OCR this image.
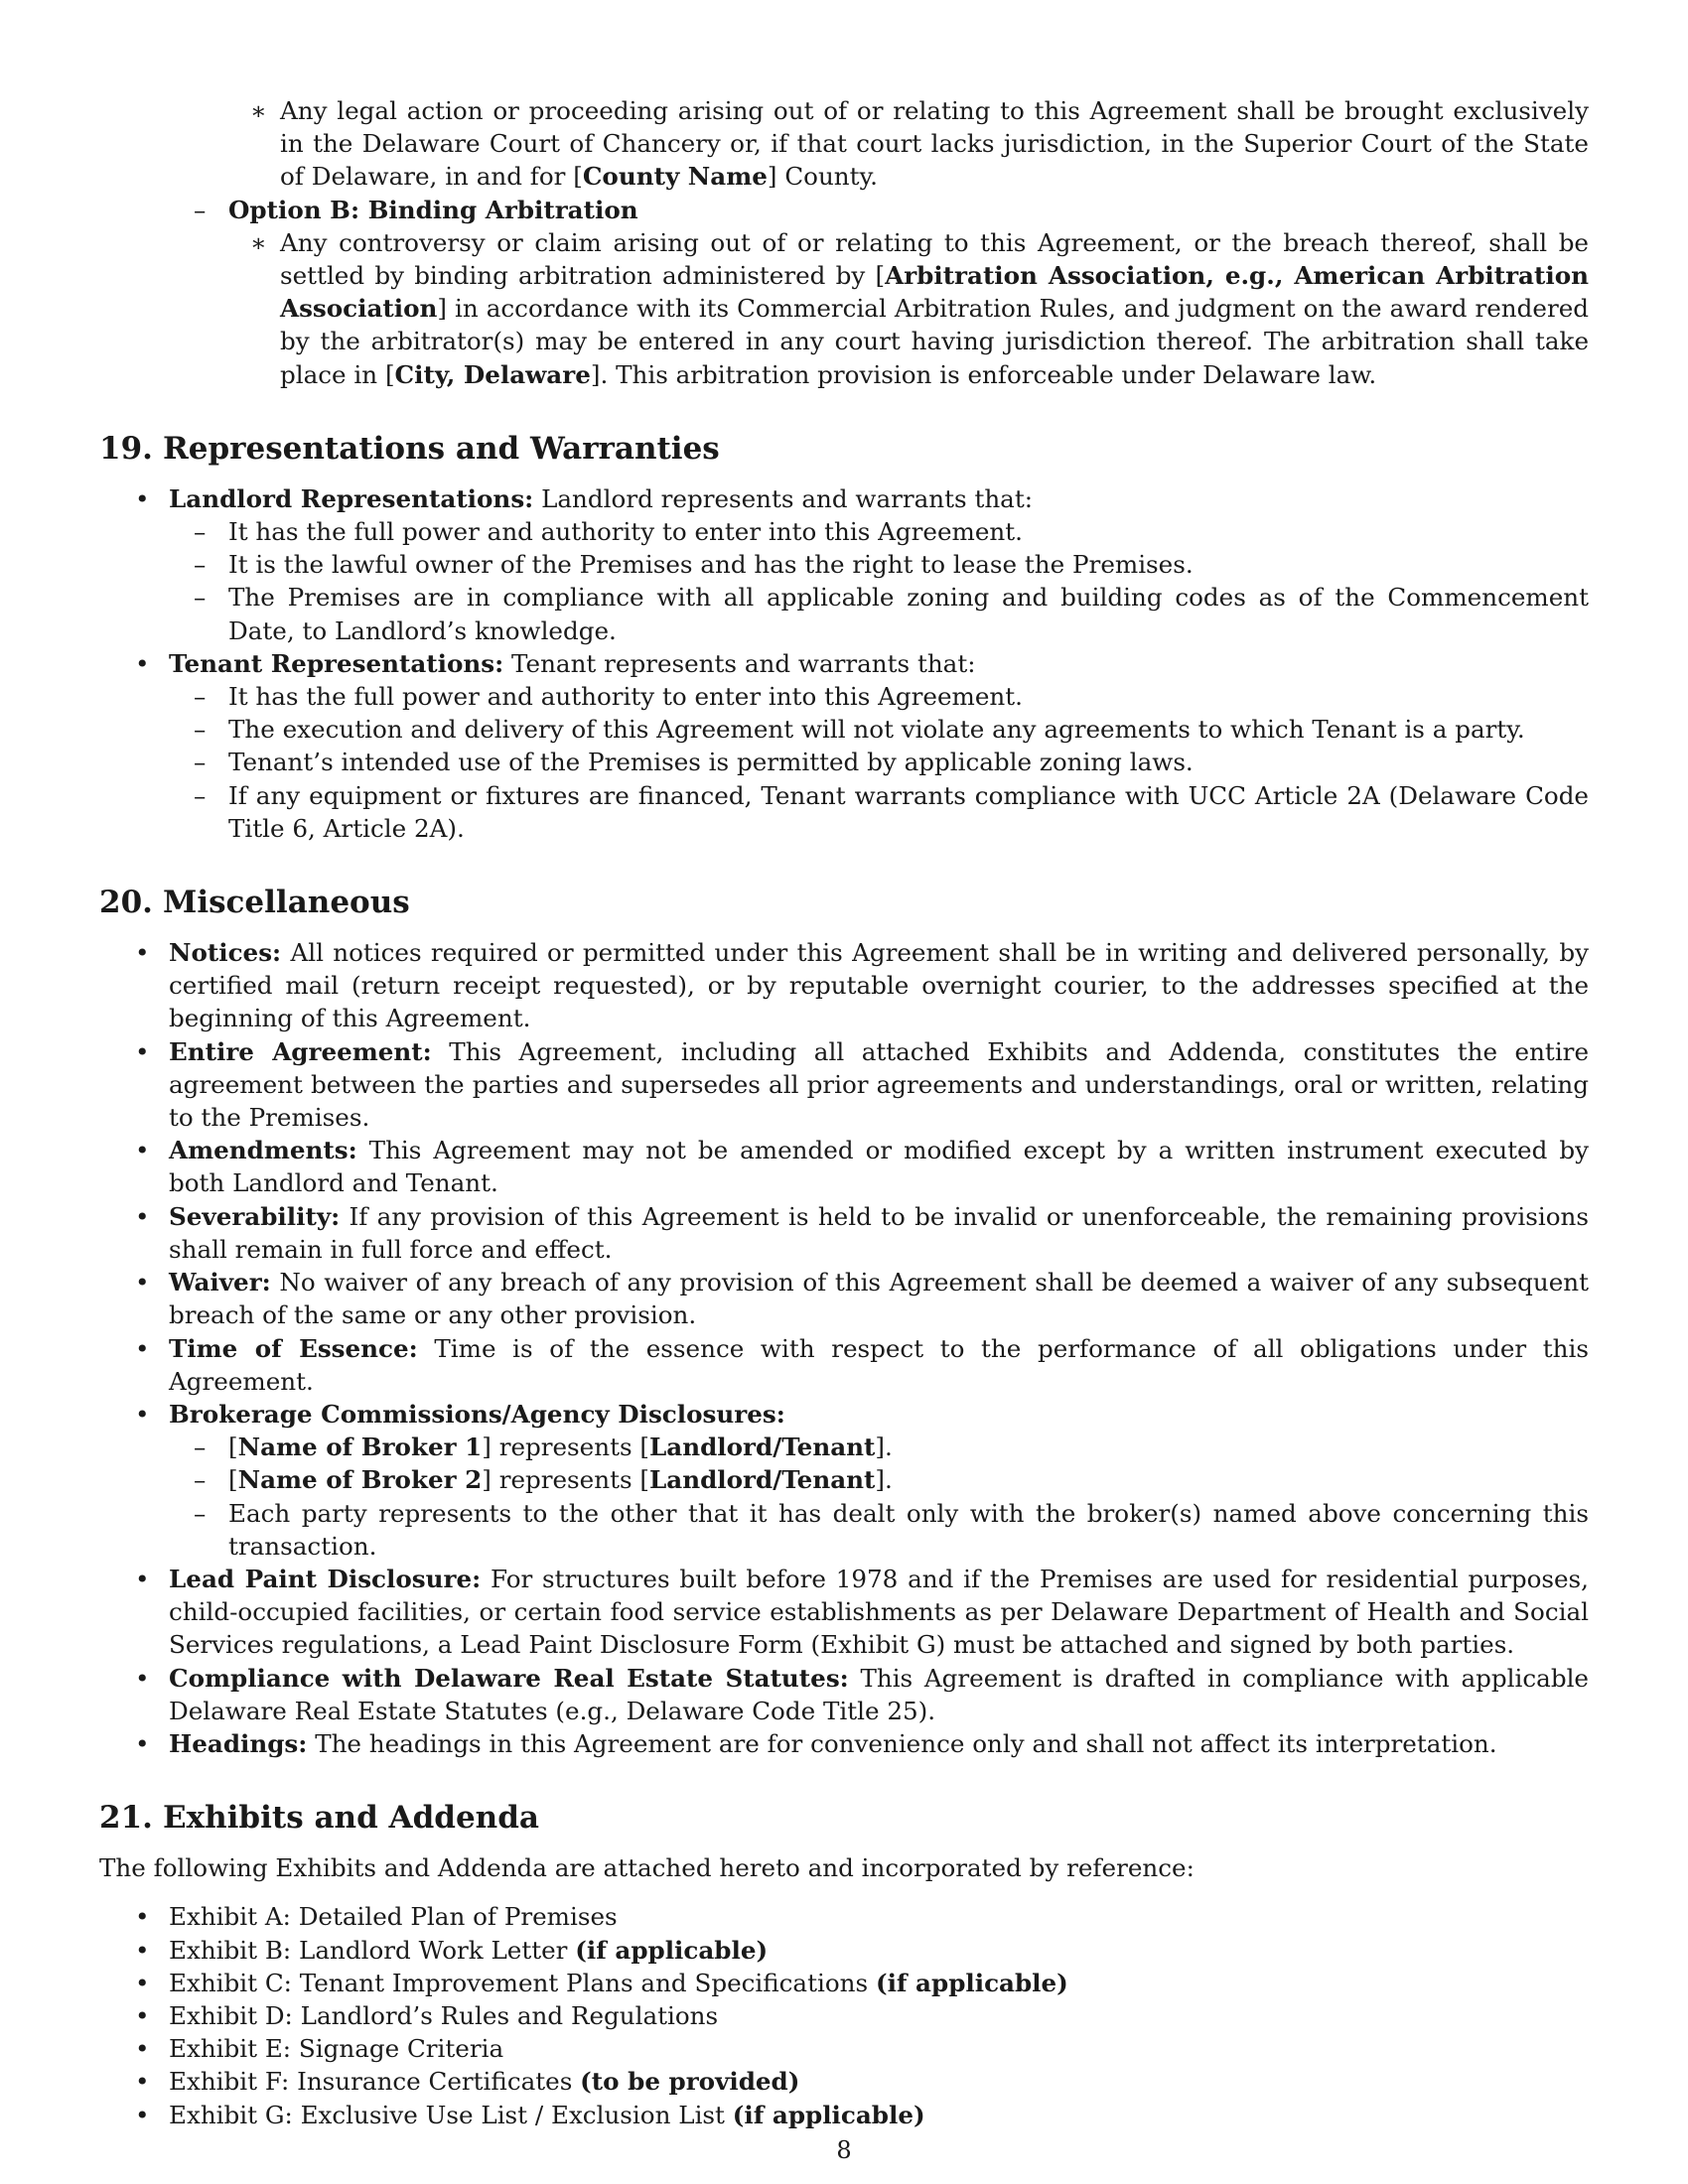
∗ Any legal action or proceeding arising out of or relating to this Agreement shall be brought exclusively in the Delaware Court of Chancery or, if that court lacks jurisdiction, in the Superior Court of the State of Delaware, in and for [County Name] County.
– Option B: Binding Arbitration
∗ Any controversy or claim arising out of or relating to this Agreement, or the breach thereof, shall be settled by binding arbitration administered by [Arbitration Association, e.g., American Arbitration Association] in accordance with its Commercial Arbitration Rules, and judgment on the award rendered by the arbitrator(s) may be entered in any court having jurisdiction thereof. The arbitration shall take place in [City, Delaware]. This arbitration provision is enforceable under Delaware law.
19. Representations and Warranties
• Landlord Representations: Landlord represents and warrants that:
– It has the full power and authority to enter into this Agreement.
– It is the lawful owner of the Premises and has the right to lease the Premises.
– The Premises are in compliance with all applicable zoning and building codes as of the Commencement Date, to Landlord’s knowledge.
• Tenant Representations: Tenant represents and warrants that:
– It has the full power and authority to enter into this Agreement.
– The execution and delivery of this Agreement will not violate any agreements to which Tenant is a party.
– Tenant’s intended use of the Premises is permitted by applicable zoning laws.
– If any equipment or fixtures are financed, Tenant warrants compliance with UCC Article 2A (Delaware Code Title 6, Article 2A).
20. Miscellaneous
• Notices: All notices required or permitted under this Agreement shall be in writing and delivered personally, by certified mail (return receipt requested), or by reputable overnight courier, to the addresses specified at the beginning of this Agreement.
• Entire Agreement: This Agreement, including all attached Exhibits and Addenda, constitutes the entire agreement between the parties and supersedes all prior agreements and understandings, oral or written, relating to the Premises.
• Amendments: This Agreement may not be amended or modified except by a written instrument executed by both Landlord and Tenant.
• Severability: If any provision of this Agreement is held to be invalid or unenforceable, the remaining provisions shall remain in full force and effect.
• Waiver: No waiver of any breach of any provision of this Agreement shall be deemed a waiver of any subsequent breach of the same or any other provision.
• Time of Essence: Time is of the essence with respect to the performance of all obligations under this Agreement.
• Brokerage Commissions/Agency Disclosures:
– [Name of Broker 1] represents [Landlord/Tenant].
– [Name of Broker 2] represents [Landlord/Tenant].
– Each party represents to the other that it has dealt only with the broker(s) named above concerning this transaction.
• Lead Paint Disclosure: For structures built before 1978 and if the Premises are used for residential purposes, child-occupied facilities, or certain food service establishments as per Delaware Department of Health and Social Services regulations, a Lead Paint Disclosure Form (Exhibit G) must be attached and signed by both parties.
• Compliance with Delaware Real Estate Statutes: This Agreement is drafted in compliance with applicable Delaware Real Estate Statutes (e.g., Delaware Code Title 25).
• Headings: The headings in this Agreement are for convenience only and shall not affect its interpretation.
21. Exhibits and Addenda
The following Exhibits and Addenda are attached hereto and incorporated by reference:
• Exhibit A: Detailed Plan of Premises
• Exhibit B: Landlord Work Letter (if applicable)
• Exhibit C: Tenant Improvement Plans and Specifications (if applicable)
• Exhibit D: Landlord’s Rules and Regulations
• Exhibit E: Signage Criteria
• Exhibit F: Insurance Certificates (to be provided)
• Exhibit G: Exclusive Use List / Exclusion List (if applicable)
8
